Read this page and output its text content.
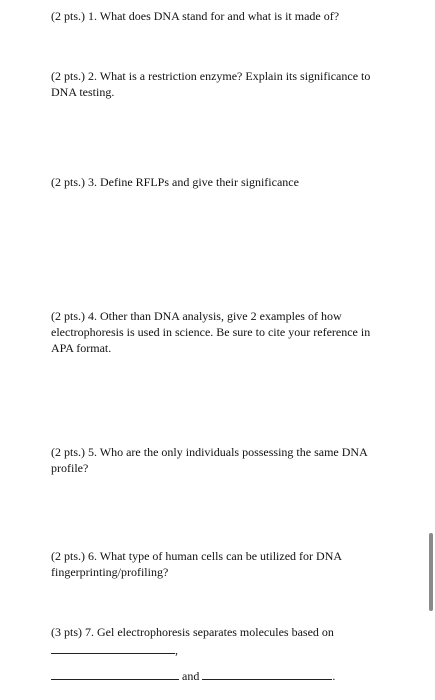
(2 pts.) 1. What does DNA stand for and what is it made of?

(2 pts.) 2. What is a restriction enzyme? Explain its significance to DNA testing.

(2 pts.) 3. Define RFLPs and give their significance

(2 pts.) 4. Other than DNA analysis, give 2 examples of how electrophoresis is used in science. Be sure to cite your reference in APA format.

(2 pts.) 5. Who are the only individuals possessing the same DNA profile?

(2 pts.) 6. What type of human cells can be utilized for DNA fingerprinting/profiling?

(3 pts) 7. Gel electrophoresis separates molecules based on

,
and	.
